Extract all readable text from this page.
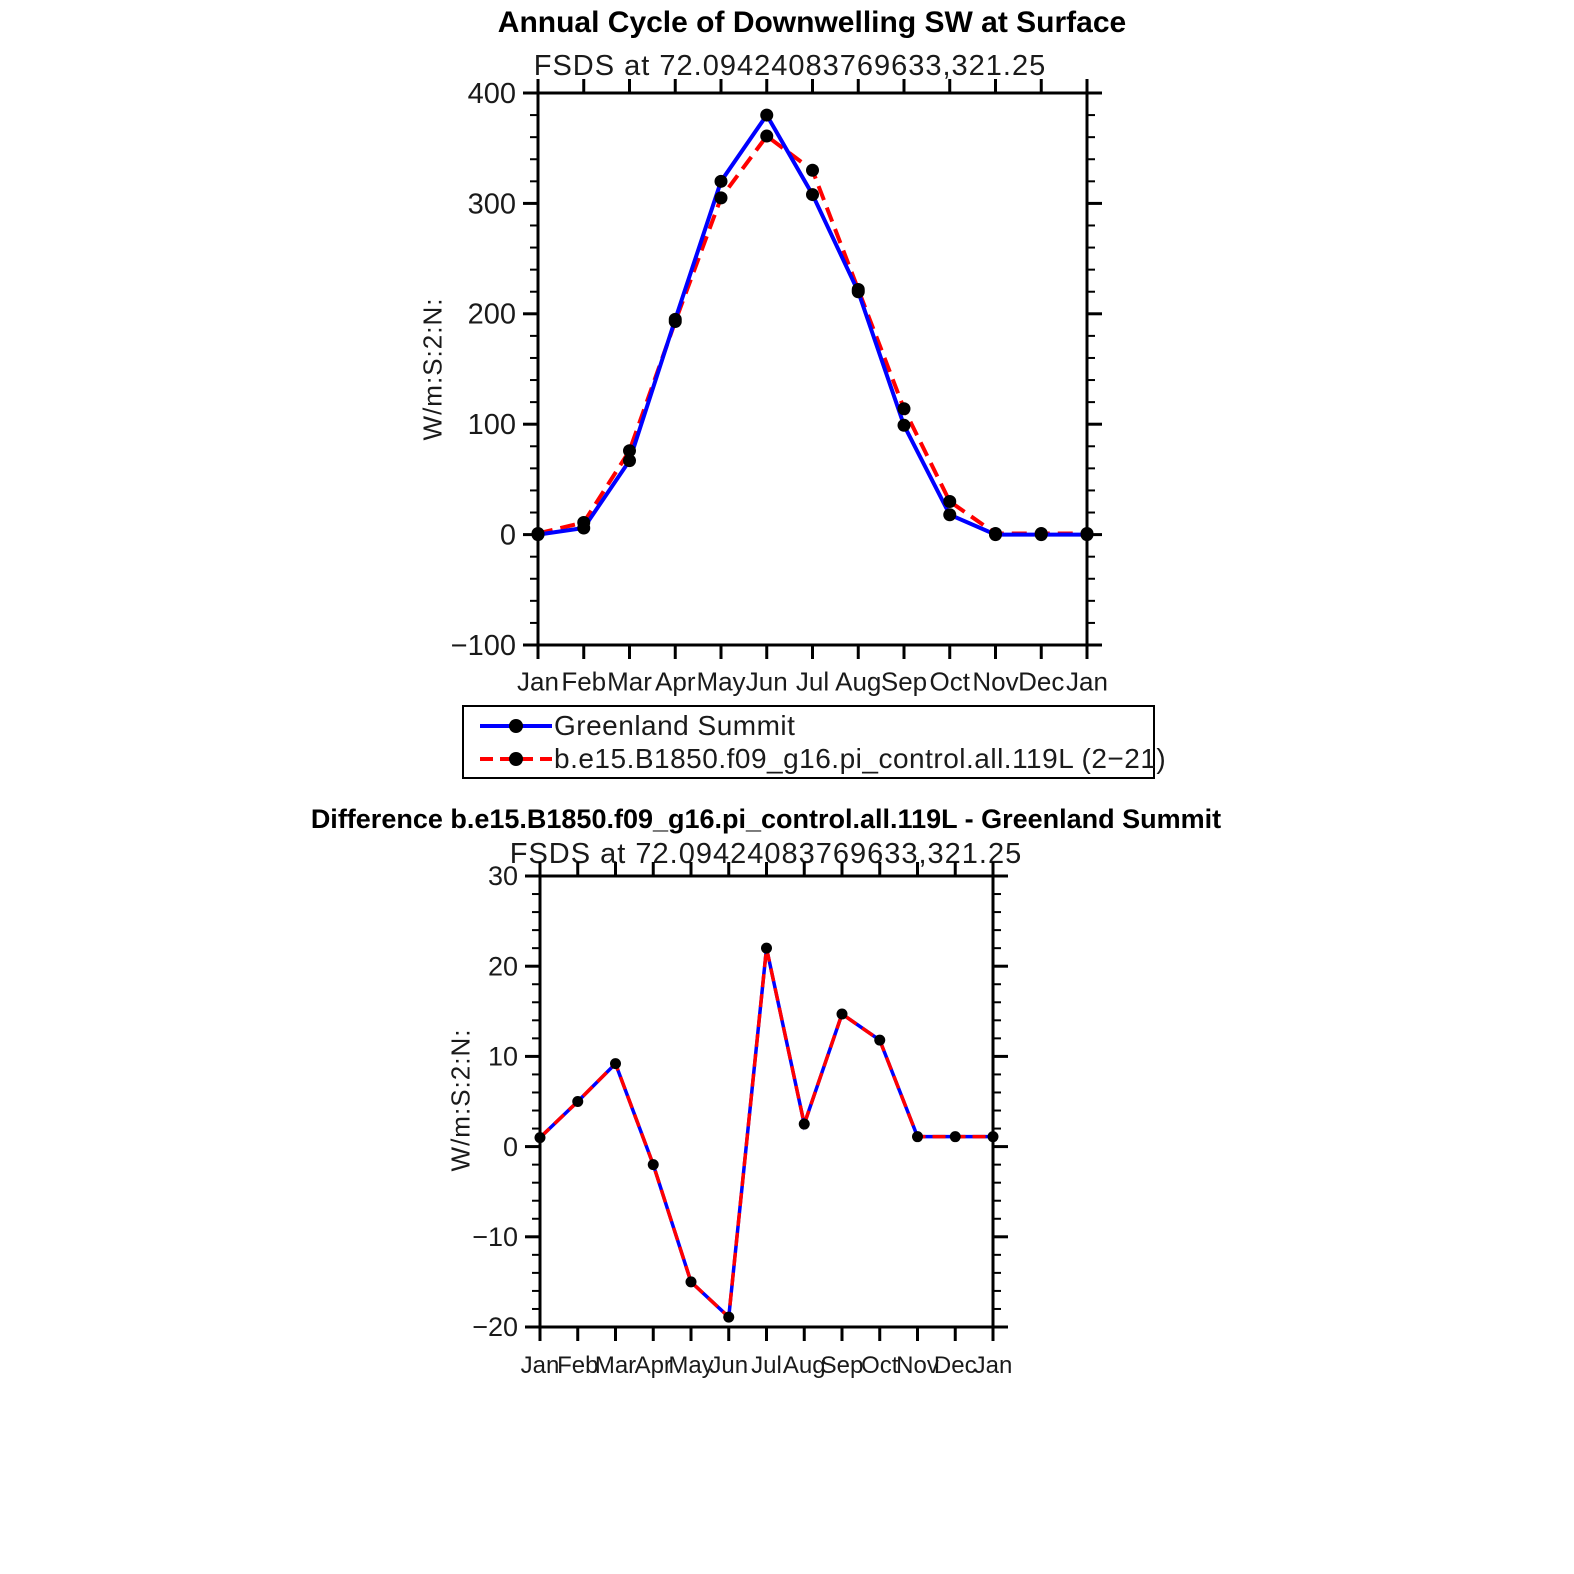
Annual Cycle of Downwelling SW at Surface
FSDS at 72.09424083769633,321.25
W/m:S:2:N:
Difference b.e15.B1850.f09_g16.pi_control.all.119L - Greenland Summit
FSDS at 72.09424083769633,321.25
W/m:S:2:N:
−100
0
100
200
300
400
Jan Feb Mar Apr May Jun Jul Aug Sep Oct Nov Dec Jan
−20
−10
0
10
20
30
Jan
Feb
Mar
Apr
May
Jun Jul Aug
Sep
Oct
Nov
Dec
Jan
Greenland Summit
b.e15.B1850.f09_g16.pi_control.all.119L (2−21)
